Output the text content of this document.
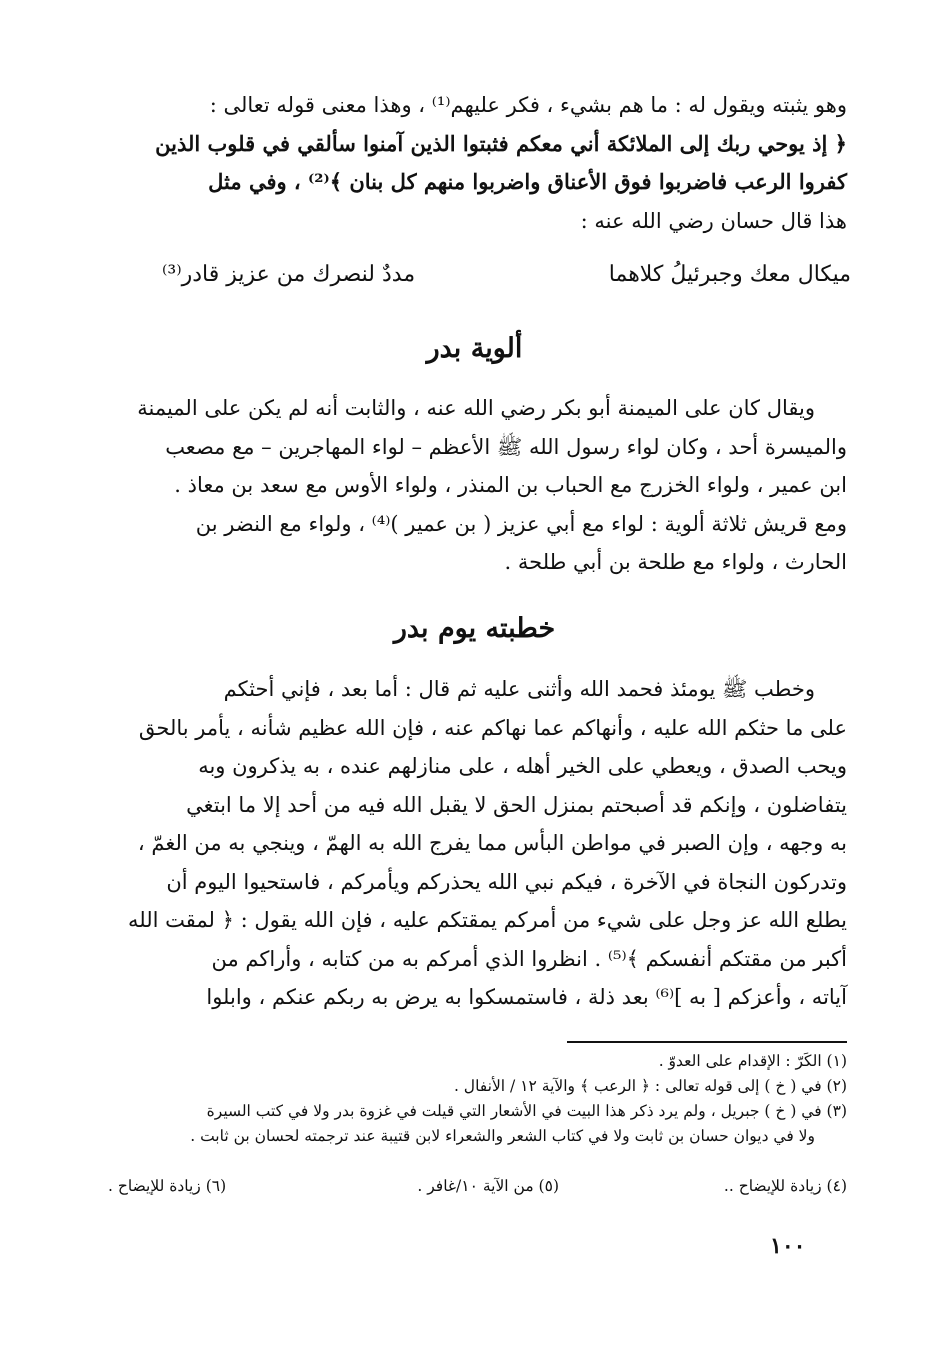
وهو يثبته ويقول له : ما هم بشيء ، فكر عليهم⁽¹⁾ ، وهذا معنى قوله تعالى :
﴿ إذ يوحي ربك إلى الملائكة أني معكم فثبتوا الذين آمنوا سألقي في قلوب الذين
كفروا الرعب فاضربوا فوق الأعناق واضربوا منهم كل بنان ﴾⁽²⁾ ، وفي مثل
هذا قال حسان رضي الله عنه :
ميكال معك وجبرئيلُ كلاهما
مددٌ لنصرك من عزيز قادر⁽³⁾
ألوية بدر
ويقال كان على الميمنة أبو بكر رضي الله عنه ، والثابت أنه لم يكن على الميمنة
والميسرة أحد ، وكان لواء رسول الله ﷺ الأعظم – لواء المهاجرين – مع مصعب
ابن عمير ، ولواء الخزرج مع الحباب بن المنذر ، ولواء الأوس مع سعد بن معاذ .
ومع قريش ثلاثة ألوية : لواء مع أبي عزيز ( بن عمير )⁽⁴⁾ ، ولواء مع النضر بن
الحارث ، ولواء مع طلحة بن أبي طلحة .
خطبته يوم بدر
وخطب ﷺ يومئذ فحمد الله وأثنى عليه ثم قال : أما بعد ، فإني أحثكم
على ما حثكم الله عليه ، وأنهاكم عما نهاكم عنه ، فإن الله عظيم شأنه ، يأمر بالحق
ويحب الصدق ، ويعطي على الخير أهله ، على منازلهم عنده ، به يذكرون وبه
يتفاضلون ، وإنكم قد أصبحتم بمنزل الحق لا يقبل الله فيه من أحد إلا ما ابتغي
به وجهه ، وإن الصبر في مواطن البأس مما يفرج الله به الهمّ ، وينجي به من الغمّ ،
وتدركون النجاة في الآخرة ، فيكم نبي الله يحذركم ويأمركم ، فاستحيوا اليوم أن
يطلع الله عز وجل على شيء من أمركم يمقتكم عليه ، فإن الله يقول : ﴿ لمقت الله
أكبر من مقتكم أنفسكم ﴾⁽⁵⁾ . انظروا الذي أمركم به من كتابه ، وأراكم من
آياته ، وأعزكم [ به ]⁽⁶⁾ بعد ذلة ، فاستمسكوا به يرض به ربكم عنكم ، وابلوا
(١) الكَرّ : الإقدام على العدوّ .
(٢) في ( خ ) إلى قوله تعالى : ﴿ الرعب ﴾ والآية ١٢ / الأنفال .
(٣) في ( خ ) جبريل ، ولم يرد ذكر هذا البيت في الأشعار التي قيلت في غزوة بدر ولا في كتب السيرة
ولا في ديوان حسان بن ثابت ولا في كتاب الشعر والشعراء لابن قتيبة عند ترجمته لحسان بن ثابت .
(٤) زيادة للإيضاح ..
(٥) من الآية ١٠/غافر .
(٦) زيادة للإيضاح .
١٠٠
